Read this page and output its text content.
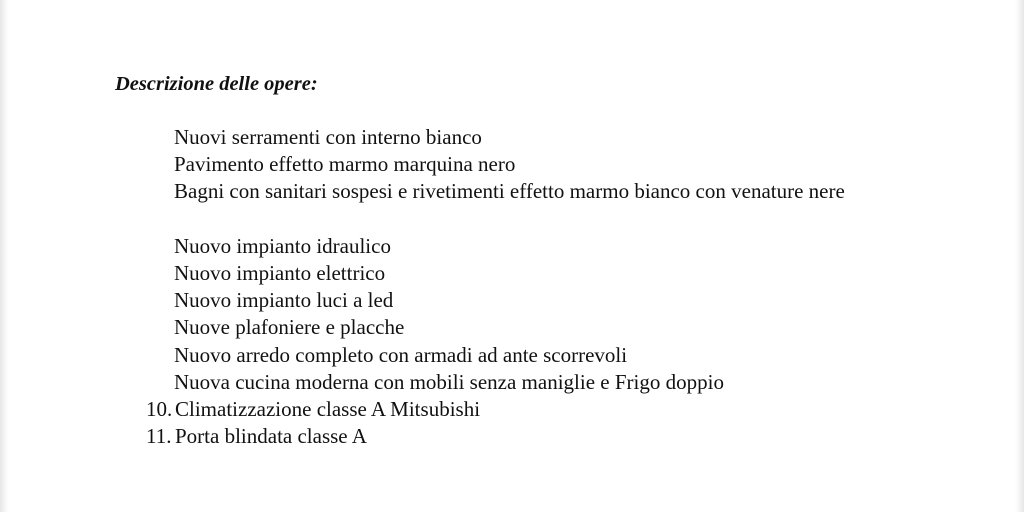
Descrizione delle opere:
Nuovi serramenti con interno bianco
Pavimento effetto marmo marquina nero
Bagni con sanitari sospesi e rivetimenti effetto marmo bianco con venature nere
Nuovo impianto idraulico
Nuovo impianto elettrico
Nuovo impianto luci a led
Nuove plafoniere e placche
Nuovo arredo completo con armadi ad ante scorrevoli
Nuova cucina moderna con mobili senza maniglie e Frigo doppio
10. Climatizzazione classe A Mitsubishi
11. Porta blindata classe A
